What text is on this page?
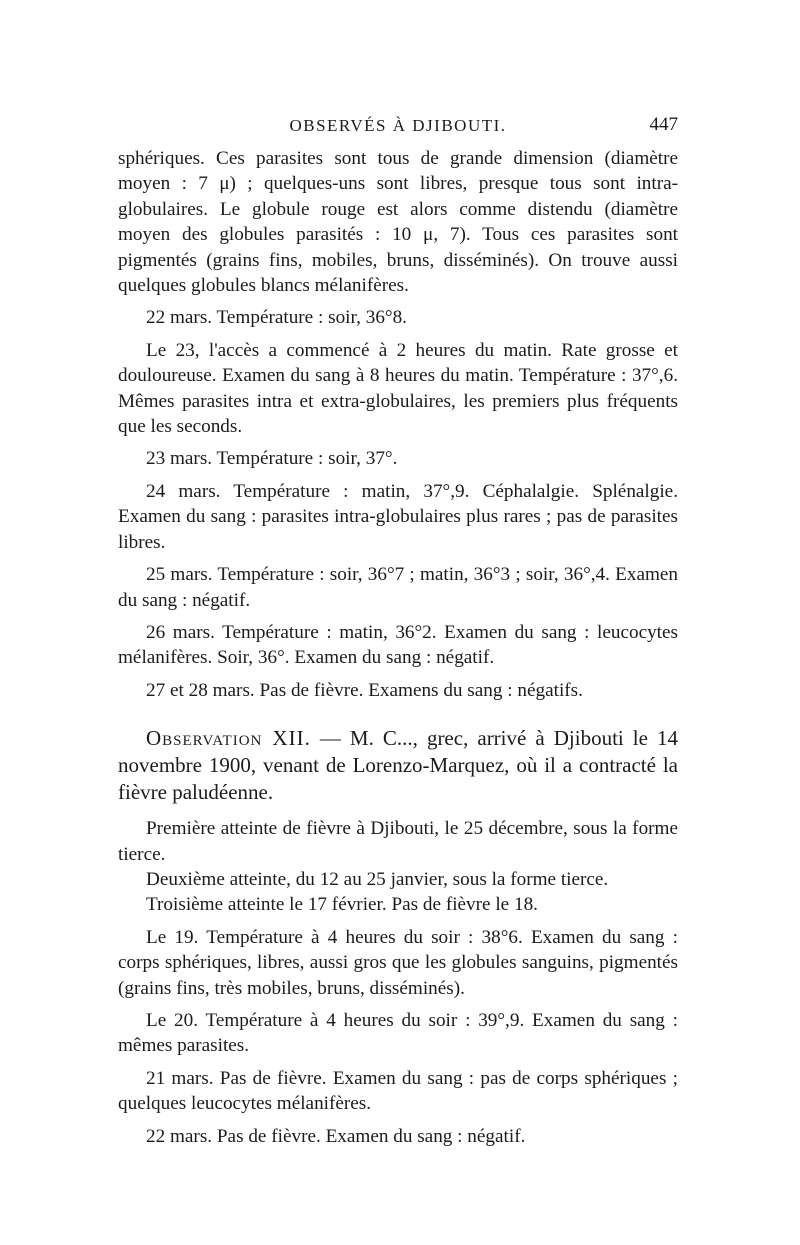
OBSERVÉS À DJIBOUTI.	447

sphériques. Ces parasites sont tous de grande dimension (diamètre moyen : 7 μ) ; quelques-uns sont libres, presque tous sont intra-globulaires. Le globule rouge est alors comme distendu (diamètre moyen des globules parasités : 10 μ, 7). Tous ces parasites sont pigmentés (grains fins, mobiles, bruns, disséminés). On trouve aussi quelques globules blancs mélanifères.

22 mars. Température : soir, 36°8.

Le 23, l'accès a commencé à 2 heures du matin. Rate grosse et douloureuse. Examen du sang à 8 heures du matin. Température : 37°,6. Mêmes parasites intra et extra-globulaires, les premiers plus fréquents que les seconds.

23 mars. Température : soir, 37°.

24 mars. Température : matin, 37°,9. Céphalalgie. Splénalgie. Examen du sang : parasites intra-globulaires plus rares ; pas de parasites libres.

25 mars. Température : soir, 36°7 ; matin, 36°3 ; soir, 36°,4. Examen du sang : négatif.

26 mars. Température : matin, 36°2. Examen du sang : leucocytes mélanifères. Soir, 36°. Examen du sang : négatif.

27 et 28 mars. Pas de fièvre. Examens du sang : négatifs.

Observation XII. — M. C..., grec, arrivé à Djibouti le 14 novembre 1900, venant de Lorenzo-Marquez, où il a contracté la fièvre paludéenne.

Première atteinte de fièvre à Djibouti, le 25 décembre, sous la forme tierce.

Deuxième atteinte, du 12 au 25 janvier, sous la forme tierce.

Troisième atteinte le 17 février. Pas de fièvre le 18.

Le 19. Température à 4 heures du soir : 38°6. Examen du sang : corps sphériques, libres, aussi gros que les globules sanguins, pigmentés (grains fins, très mobiles, bruns, disséminés).

Le 20. Température à 4 heures du soir : 39°,9. Examen du sang : mêmes parasites.

21 mars. Pas de fièvre. Examen du sang : pas de corps sphériques ; quelques leucocytes mélanifères.

22 mars. Pas de fièvre. Examen du sang : négatif.
